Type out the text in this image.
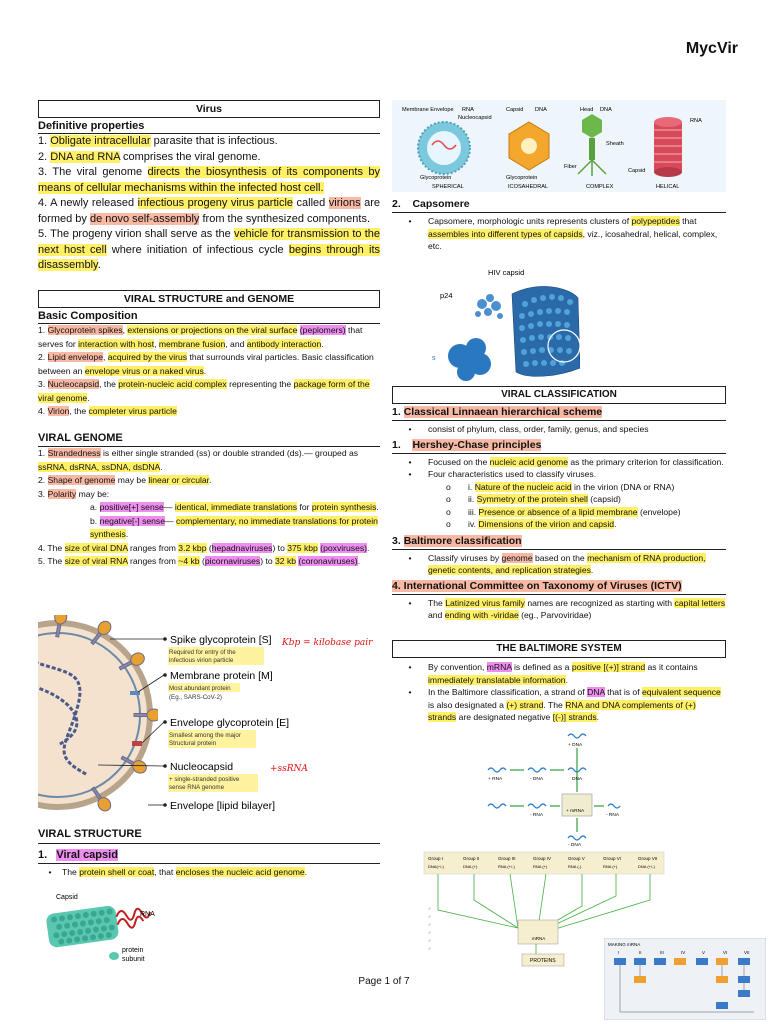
MycVir
Virus
Definitive properties
1. Obligate intracellular parasite that is infectious.
2. DNA and RNA comprises the viral genome.
3. The viral genome directs the biosynthesis of its components by means of cellular mechanisms within the infected host cell.
4. A newly released infectious progeny virus particle called virions are formed by de novo self-assembly from the synthesized components.
5. The progeny virion shall serve as the vehicle for transmission to the next host cell where initiation of infectious cycle begins through its disassembly.
VIRAL STRUCTURE and GENOME
Basic Composition
1. Glycoprotein spikes, extensions or projections on the viral surface (peplomers) that serves for interaction with host, membrane fusion, and antibody interaction.
2. Lipid envelope, acquired by the virus that surrounds viral particles. Basic classification between an envelope virus or a naked virus.
3. Nucleocapsid, the protein-nucleic acid complex representing the package form of the viral genome.
4. Virion, the completer virus particle
VIRAL GENOME
1. Strandedness is either single stranded (ss) or double stranded (ds).— grouped as ssRNA, dsRNA, ssDNA, dsDNA.
2. Shape of genome may be linear or circular.
3. Polarity may be:
a. positive[+] sense— identical, immediate translations for protein synthesis.
b. negative[-] sense— complementary, no immediate translations for protein synthesis.
4. The size of viral DNA ranges from 3.2 kbp (hepadnaviruses) to 375 kbp (poxviruses).
5. The size of viral RNA ranges from ~4 kb (picornaviruses) to 32 kb (coronaviruses).
Spike glycoprotein [S]
Required for entry of the
infectious virion particle
Membrane protein [M]
Most abundant protein
(Eg., SARS-CoV-2)
Envelope glycoprotein [E]
Smallest among the major
Structural protein
Nucleocapsid
+ single-stranded positive
sense RNA genome
Envelope [lipid bilayer]
Kbp = kilobase pair
+ssRNA
VIRAL STRUCTURE
1. Viral capsid
•	The protein shell or coat, that encloses the nucleic acid genome.
Capsid
RNA
protein
subunit
Membrane Envelope RNA
Nucleocapsid
Glycoprotein
SPHERICAL
Capsid DNA
Glycoprotein
ICOSAHEDRAL
Head DNA
Sheath
Fiber
COMPLEX
RNA
Capsid
HELICAL
2. Capsomere
•	Capsomere, morphologic units represents clusters of polypeptides that assembles into different types of capsids, viz., icosahedral, helical, complex, etc.
HIV capsid
p24
s
VIRAL CLASSIFICATION
1. Classical Linnaean hierarchical scheme
•	consist of phylum, class, order, family, genus, and species
1. Hershey-Chase principles
•	Focused on the nucleic acid genome as the primary criterion for classification.
•	Four characteristics used to classify viruses.
o	i. Nature of the nucleic acid in the virion (DNA or RNA)
o	ii. Symmetry of the protein shell (capsid)
o	iii. Presence or absence of a lipid membrane (envelope)
o	iv. Dimensions of the virion and capsid.
3. Baltimore classification
•	Classify viruses by genome based on the mechanism of RNA production, genetic contents, and replication strategies.
4. International Committee on Taxonomy of Viruses (ICTV)
•	The Latinized virus family names are recognized as starting with capital letters and ending with -viridae (eg., Parvoviridae)
THE BALTIMORE SYSTEM
•	By convention, mRNA is defined as a positive [(+)] strand as it contains immediately translatable information.
•	In the Baltimore classification, a strand of DNA that is of equivalent sequence is also designated a (+) strand. The RNA and DNA complements of (+) strands are designated negative [(-)] strands.
+ DNA
+ RNA	- DNA	DNA
- RNA
+ mRNA
- RNA
- DNA
Group I
DNA(+/-)
Group II
DNA (+)
Group III
RNA (+/-)
Group IV
RNA (+)
Group V
RNA (-)
Group VI
RNA (+)
Group VII
DNA (+/-)
mRNA
PROTEINS
✓
✓
✓
✓
✓
✓
MAKING mRNA
I	II	III	IV	V	VI	VII
Page 1 of 7
